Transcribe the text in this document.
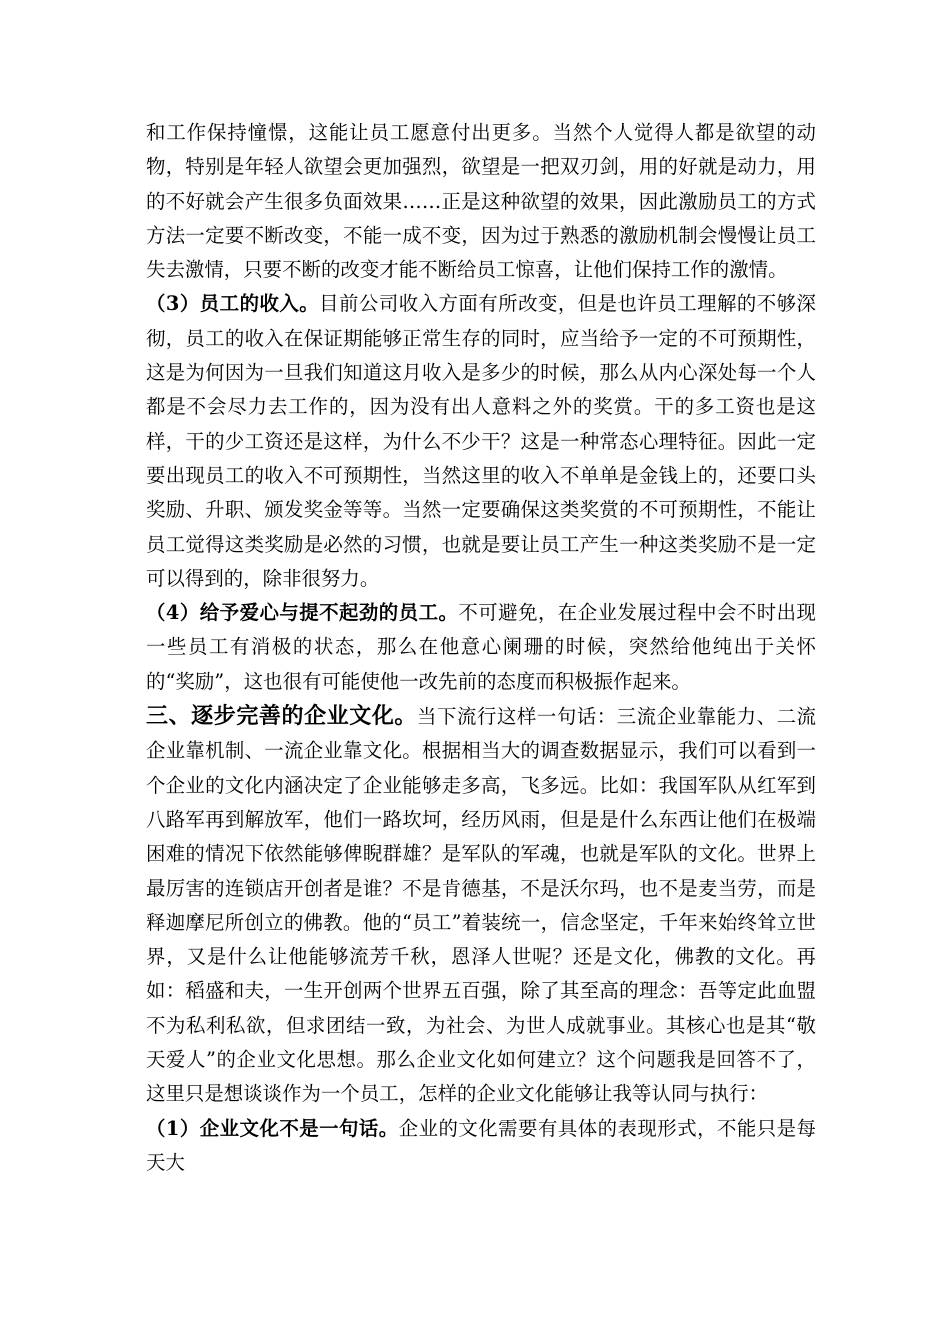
和工作保持憧憬，这能让员工愿意付出更多。当然个人觉得人都是欲望的动物，特别是年轻人欲望会更加强烈，欲望是一把双刃剑，用的好就是动力，用的不好就会产生很多负面效果……正是这种欲望的效果，因此激励员工的方式方法一定要不断改变，不能一成不变，因为过于熟悉的激励机制会慢慢让员工失去激情，只要不断的改变才能不断给员工惊喜，让他们保持工作的激情。

（3）员工的收入。目前公司收入方面有所改变，但是也许员工理解的不够深彻，员工的收入在保证期能够正常生存的同时，应当给予一定的不可预期性，这是为何因为一旦我们知道这月收入是多少的时候，那么从内心深处每一个人都是不会尽力去工作的，因为没有出人意料之外的奖赏。干的多工资也是这样，干的少工资还是这样，为什么不少干？这是一种常态心理特征。因此一定要出现员工的收入不可预期性，当然这里的收入不单单是金钱上的，还要口头奖励、升职、颁发奖金等等。当然一定要确保这类奖赏的不可预期性，不能让员工觉得这类奖励是必然的习惯，也就是要让员工产生一种这类奖励不是一定可以得到的，除非很努力。

（4）给予爱心与提不起劲的员工。不可避免，在企业发展过程中会不时出现一些员工有消极的状态，那么在他意心阑珊的时候，突然给他纯出于关怀的“奖励”，这也很有可能使他一改先前的态度而积极振作起来。

三、逐步完善的企业文化。当下流行这样一句话：三流企业靠能力、二流企业靠机制、一流企业靠文化。根据相当大的调查数据显示，我们可以看到一个企业的文化内涵决定了企业能够走多高，飞多远。比如：我国军队从红军到八路军再到解放军，他们一路坎坷，经历风雨，但是是什么东西让他们在极端困难的情况下依然能够俾睨群雄？是军队的军魂，也就是军队的文化。世界上最厉害的连锁店开创者是谁？不是肯德基，不是沃尔玛，也不是麦当劳，而是释迦摩尼所创立的佛教。他的“员工”着装统一，信念坚定，千年来始终耸立世界，又是什么让他能够流芳千秋，恩泽人世呢？还是文化，佛教的文化。再如：稻盛和夫，一生开创两个世界五百强，除了其至高的理念：吾等定此血盟不为私利私欲，但求团结一致，为社会、为世人成就事业。其核心也是其“敬天爱人”的企业文化思想。那么企业文化如何建立？这个问题我是回答不了，这里只是想谈谈作为一个员工，怎样的企业文化能够让我等认同与执行：

（1）企业文化不是一句话。企业的文化需要有具体的表现形式，不能只是每天大
